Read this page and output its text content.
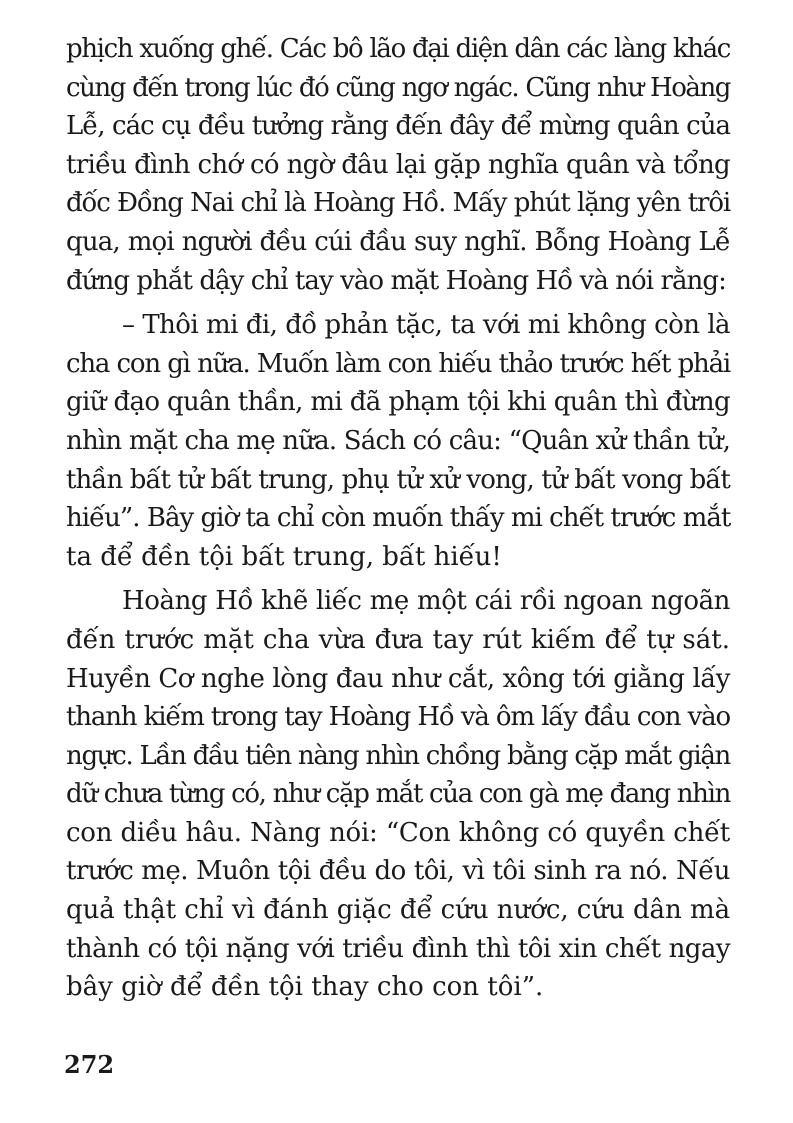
phịch xuống ghế. Các bô lão đại diện dân các làng khác
cùng đến trong lúc đó cũng ngơ ngác. Cũng như Hoàng
Lễ, các cụ đều tưởng rằng đến đây để mừng quân của
triều đình chớ có ngờ đâu lại gặp nghĩa quân và tổng
đốc Đồng Nai chỉ là Hoàng Hồ. Mấy phút lặng yên trôi
qua, mọi người đều cúi đầu suy nghĩ. Bỗng Hoàng Lễ
đứng phắt dậy chỉ tay vào mặt Hoàng Hồ và nói rằng:

– Thôi mi đi, đồ phản tặc, ta với mi không còn là
cha con gì nữa. Muốn làm con hiếu thảo trước hết phải
giữ đạo quân thần, mi đã phạm tội khi quân thì đừng
nhìn mặt cha mẹ nữa. Sách có câu: “Quân xử thần tử,
thần bất tử bất trung, phụ tử xử vong, tử bất vong bất
hiếu”. Bây giờ ta chỉ còn muốn thấy mi chết trước mắt
ta để đền tội bất trung, bất hiếu!

Hoàng Hồ khẽ liếc mẹ một cái rồi ngoan ngoãn
đến trước mặt cha vừa đưa tay rút kiếm để tự sát.
Huyền Cơ nghe lòng đau như cắt, xông tới giằng lấy
thanh kiếm trong tay Hoàng Hồ và ôm lấy đầu con vào
ngực. Lần đầu tiên nàng nhìn chồng bằng cặp mắt giận
dữ chưa từng có, như cặp mắt của con gà mẹ đang nhìn
con diều hâu. Nàng nói: “Con không có quyền chết
trước mẹ. Muôn tội đều do tôi, vì tôi sinh ra nó. Nếu
quả thật chỉ vì đánh giặc để cứu nước, cứu dân mà
thành có tội nặng với triều đình thì tôi xin chết ngay
bây giờ để đền tội thay cho con tôi”.

272
